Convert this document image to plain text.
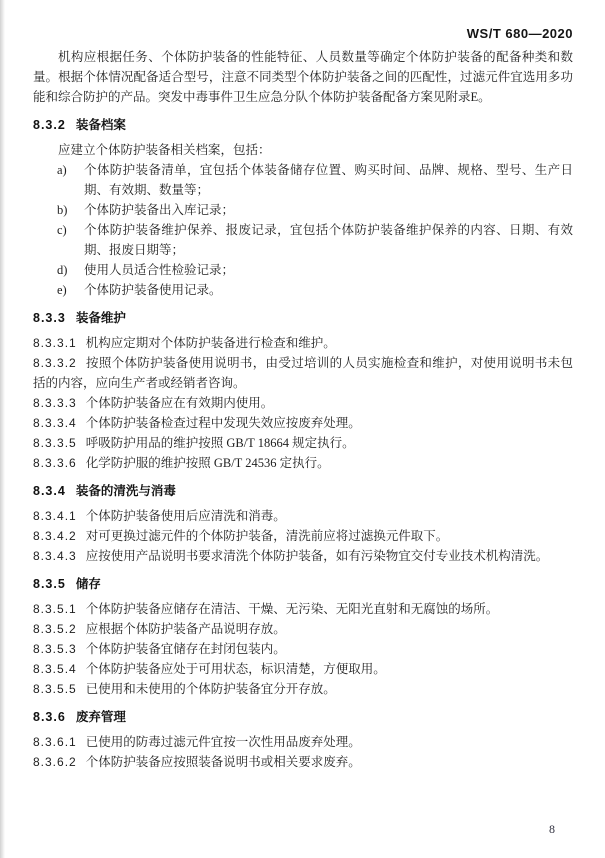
WS/T 680—2020

机构应根据任务、个体防护装备的性能特征、人员数量等确定个体防护装备的配备种类和数量。根据个体情况配备适合型号，注意不同类型个体防护装备之间的匹配性，过滤元件宜选用多功能和综合防护的产品。突发中毒事件卫生应急分队个体防护装备配备方案见附录E。

8.3.2 装备档案

应建立个体防护装备相关档案，包括：

a) 个体防护装备清单，宜包括个体装备储存位置、购买时间、品牌、规格、型号、生产日期、有效期、数量等；
b) 个体防护装备出入库记录；
c) 个体防护装备维护保养、报废记录，宜包括个体防护装备维护保养的内容、日期、有效期、报废日期等；
d) 使用人员适合性检验记录；
e) 个体防护装备使用记录。
8.3.3 装备维护

8.3.3.1 机构应定期对个体防护装备进行检查和维护。

8.3.3.2 按照个体防护装备使用说明书，由受过培训的人员实施检查和维护，对使用说明书未包括的内容，应向生产者或经销者咨询。

8.3.3.3 个体防护装备应在有效期内使用。

8.3.3.4 个体防护装备检查过程中发现失效应按废弃处理。

8.3.3.5 呼吸防护用品的维护按照 GB/T 18664 规定执行。

8.3.3.6 化学防护服的维护按照 GB/T 24536 定执行。

8.3.4 装备的清洗与消毒

8.3.4.1 个体防护装备使用后应清洗和消毒。

8.3.4.2 对可更换过滤元件的个体防护装备，清洗前应将过滤换元件取下。

8.3.4.3 应按使用产品说明书要求清洗个体防护装备，如有污染物宜交付专业技术机构清洗。

8.3.5 储存

8.3.5.1 个体防护装备应储存在清洁、干燥、无污染、无阳光直射和无腐蚀的场所。

8.3.5.2 应根据个体防护装备产品说明存放。

8.3.5.3 个体防护装备宜储存在封闭包装内。

8.3.5.4 个体防护装备应处于可用状态，标识清楚，方便取用。

8.3.5.5 已使用和未使用的个体防护装备宜分开存放。

8.3.6 废弃管理

8.3.6.1 已使用的防毒过滤元件宜按一次性用品废弃处理。

8.3.6.2 个体防护装备应按照装备说明书或相关要求废弃。

8
